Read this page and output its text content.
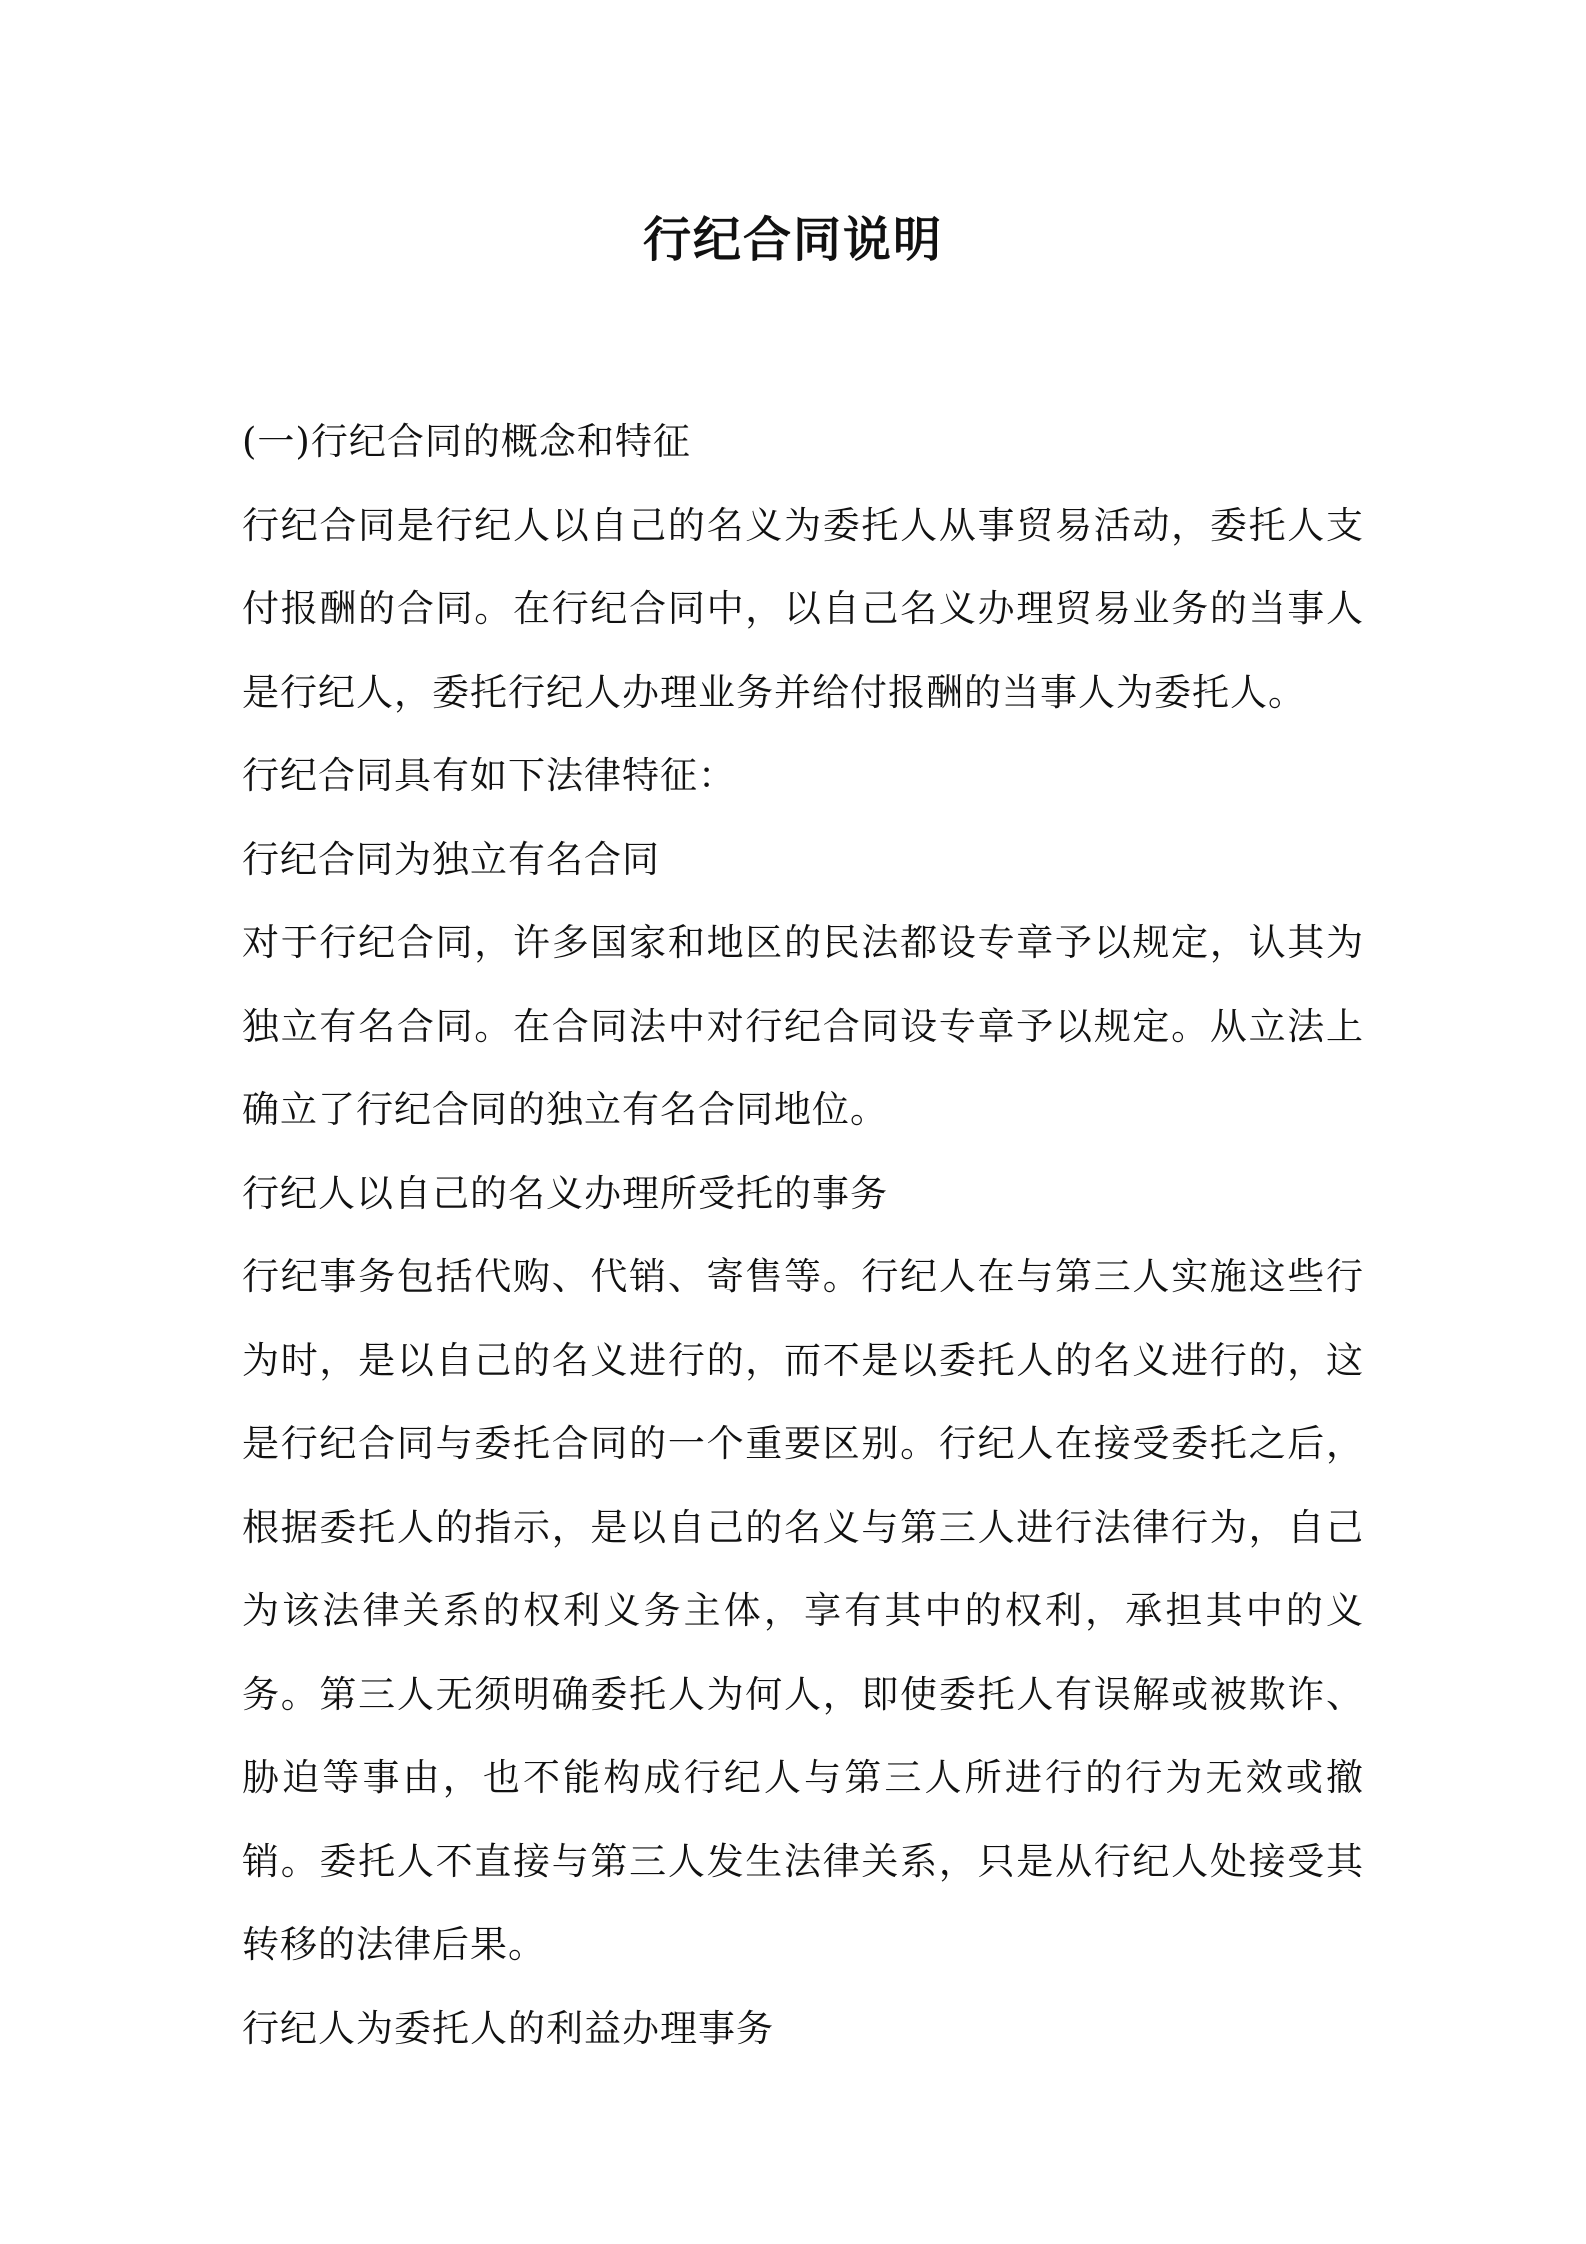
行纪合同说明

(一)行纪合同的概念和特征

行纪合同是行纪人以自己的名义为委托人从事贸易活动，委托人支付报酬的合同。在行纪合同中，以自己名义办理贸易业务的当事人是行纪人，委托行纪人办理业务并给付报酬的当事人为委托人。

行纪合同具有如下法律特征：

行纪合同为独立有名合同

对于行纪合同，许多国家和地区的民法都设专章予以规定，认其为独立有名合同。在合同法中对行纪合同设专章予以规定。从立法上确立了行纪合同的独立有名合同地位。

行纪人以自己的名义办理所受托的事务

行纪事务包括代购、代销、寄售等。行纪人在与第三人实施这些行为时，是以自己的名义进行的，而不是以委托人的名义进行的，这是行纪合同与委托合同的一个重要区别。行纪人在接受委托之后，根据委托人的指示，是以自己的名义与第三人进行法律行为，自己为该法律关系的权利义务主体，享有其中的权利，承担其中的义务。第三人无须明确委托人为何人，即使委托人有误解或被欺诈、胁迫等事由，也不能构成行纪人与第三人所进行的行为无效或撤销。委托人不直接与第三人发生法律关系，只是从行纪人处接受其转移的法律后果。

行纪人为委托人的利益办理事务
